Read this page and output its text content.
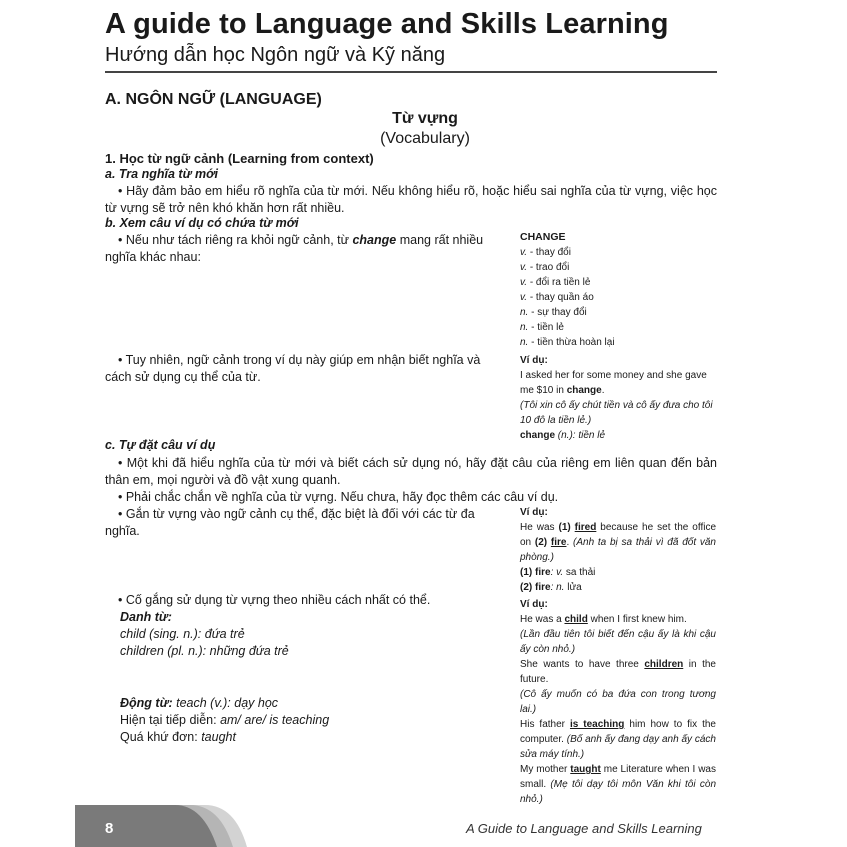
A guide to Language and Skills Learning
Hướng dẫn học Ngôn ngữ và Kỹ năng
A. NGÔN NGỮ (LANGUAGE)
Từ vựng
(Vocabulary)
1. Học từ ngữ cảnh (Learning from context)
a. Tra nghĩa từ mới
• Hãy đảm bảo em hiểu rõ nghĩa của từ mới. Nếu không hiểu rõ, hoặc hiểu sai nghĩa của từ vựng, việc học từ vựng sẽ trở nên khó khăn hơn rất nhiều.
b. Xem câu ví dụ có chứa từ mới
• Nếu như tách riêng ra khỏi ngữ cảnh, từ change mang rất nhiều nghĩa khác nhau:
• Tuy nhiên, ngữ cảnh trong ví dụ này giúp em nhận biết nghĩa và cách sử dụng cụ thể của từ.
c. Tự đặt câu ví dụ
• Một khi đã hiểu nghĩa của từ mới và biết cách sử dụng nó, hãy đặt câu của riêng em liên quan đến bản thân em, mọi người và đồ vật xung quanh.
• Phải chắc chắn về nghĩa của từ vựng. Nếu chưa, hãy đọc thêm các câu ví dụ.
• Gắn từ vựng vào ngữ cảnh cụ thể, đặc biệt là đối với các từ đa nghĩa.
• Cố gắng sử dụng từ vựng theo nhiều cách nhất có thể.
Danh từ:
child (sing. n.): đứa trẻ
children (pl. n.): những đứa trẻ
Động từ: teach (v.): dạy học
Hiện tại tiếp diễn: am/ are/ is teaching
Quá khứ đơn: taught
CHANGE
v. - thay đổi
v. - trao đổi
v. - đổi ra tiền lẻ
v. - thay quần áo
n. - sự thay đổi
n. - tiền lẻ
n. - tiền thừa hoàn lại
Ví dụ:
I asked her for some money and she gave me $10 in change.
(Tôi xin cô ấy chút tiền và cô ấy đưa cho tôi 10 đô la tiền lẻ.)
change (n.): tiền lẻ
Ví dụ:
He was (1) fired because he set the office on (2) fire. (Anh ta bị sa thải vì đã đốt văn phòng.)
(1) fire: v. sa thải
(2) fire: n. lửa
Ví dụ:
He was a child when I first knew him.
(Lần đầu tiên tôi biết đến cậu ấy là khi cậu ấy còn nhỏ.)
She wants to have three children in the future.
(Cô ấy muốn có ba đứa con trong tương lai.)
His father is teaching him how to fix the computer. (Bố anh ấy đang dạy anh ấy cách sửa máy tính.)
My mother taught me Literature when I was small. (Mẹ tôi dạy tôi môn Văn khi tôi còn nhỏ.)
8	A Guide to Language and Skills Learning
